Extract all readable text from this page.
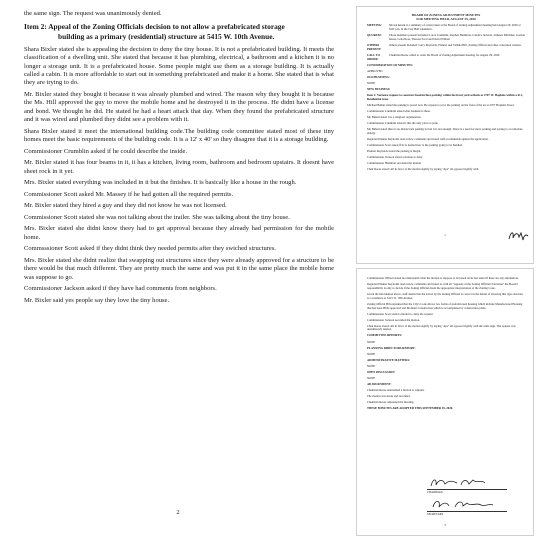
the same sign. The request was unanimously denied.

Item 2: Appeal of the Zoning Officials decision to not allow a prefabricated storage
building as a primary (residential) structure at 5415 W. 10th Avenue.

Shara Bixler stated she is appealing the decision to deny the tiny house. It is not a prefabricated building. It meets the classification of a dwelling unit. She stated that because it has plumbing, electrical, a bathroom and a kitchen it is no longer a storage unit. It is a prefabricated house. Some people might use them as a storage building. It is actually called a cabin. It is more affordable to start out in something prefabricated and make it a home. She stated that is what they are trying to do.

Mr. Bixler stated they bought it because it was already plumbed and wired. The reason why they bought it is because the Ms. Hill approved the guy to move the mobile home and he destroyed it in the process. He didnt have a license and bond. We thought he did. He stated he had a heart attack that day. When they found the prefabricated structure and it was wired and plumbed they didnt see a problem with it.

Shara Bixler stated it meet the international building code.The building code committee stated most of these tiny homes meet the basic requirements of the building code. It is a 12' x 40' so they disagree that it is a storage building.

Commissioner Crumblin asked if he could describe the inside.

Mr. Bixler stated it has four beams in it, it has a kitchen, living room, bathroom and bedroom upstairs. It doesnt have sheet rock in it yet.

Mrs. Bixler stated everything was included in it but the finishes. It is basically like a house in the rough.

Commissioner Scott asked Mr. Massey if he had gotten all the required permits.

Mr. Bixler stated they hired a guy and they did not know he was not licensed.

Commissioner Scott stated she was not talking about the trailer. She was talking about the tiny house.

Mrs. Bixler stated she didnt know theey had to get approval because they already had permission for the mobile home.

Commsssioner Scott asked if they didnt think they needed permits after they swiched structures.

Mrs. Bixler stated she didnt realize that swapping out structures since they were already approved for a structure to be there would be that much different. They are pretty much the same and was put it in the same place the mobile home was suppose to go.

Commissioner Jackson asked if they have had comments from neighbors.

Mr. Bixler said yes people say they love the tiny house.

2
BOARD OF ZONING ADJUSTMENT MINUTES
FOR MEETING HELD, AUGUST 29, 2020

MEETING:	Shown herein is a summary of action taken at the Board of Zoning Adjustment meeting held August 29, 2020 at 6:00 p.m. in the City Hall Chambers.

QUORUM:	Those members present included: Loree Crumblin, Stephen Hamilton, Candice Jackson, Jameses Mitchner, Gordon Reese, Lotta Ross, Theresa Scott and David Wilbert

OTHERS PRESENT:
Others present included: Larry Reynolds, Planner and Valisha Hill, Zoning Official and other concerned citizens

CALL TO ORDER:
Chairman Reese called to order the Board of Zoning Adjustment meeting for August 29, 2020

CONSIDERATION OF MINUTES:

APPROVED

OLD BUSINESS:

NONE

NEW BUSINESS:

Item 1: Variance request to construct head-in/face parking within the front yard setback at 2707 W. Hopkins within a R-1, Residential zone.

Michael Bahati stated the parking is paved now. He request to pave the parking on the front of the lot at 2707 Hopkins Street.

Commissioner Crumblin asked what business is there.

Mr. Bahati stated it is a religious organization.

Commissioner Crumblin asked is this the only place to park.

Mr. Bahati stated there is no inside back parking lot but it is not enough. There is a need for more parking and paving to accomodate elderly.

Regional Planner Reynolds read review comments and stated staff recommends against the application.

Commissioner Scott asked if he is denied how is the parking going to be handled.

Planner Reynolds stated the parking is illegal.

Commissioner Jackson stated a motion to deny.

Commissioner Hamilton seconded the motion.

Chair Reese stated: All in favor of the motion signify by saying "Aye" all opposed signify with

1

Commissioner Wilbert stated he understands what the motion is suppose to be based on he has asked if there are any alternatives.

Regional Planner Reynolds read review comments and stated as with all "Appeals of the Zoning Official's Decision" the Board's responsibility is only to decide if the Zoning Official made the appropriate interpretation of the Zoning Code.

Given the information above, staff deems that the action by the Zoning Official is correct in the denial of allowing this type structure as a residence at 5415 W. 10th Avenue.

Zoning Official Hill explained that the City's Code allows two forms of prefabricated housing which include Manufactured Housing that has been HUD approved and Modular Construction which is accompanied by construction plans.

Commissioner Scott stated a motion to deny the request.

Commissioner Jackson seconded the motion.

Chair Reese stated: All in favor of the motion signify by saying "Aye" all opposed signify with the same sign. The request was unanimously denied.

COMMITTEE REPORTS:

NONE

PLANNING DIRECTORS REPORT:

NONE

ADMINISTRATIVE MATTERS:

NONE

OPEN DISCUSSION:

NONE

ADJOURNMENT:

Chairman Reese entertained a motion to adjourn.

The motion was made and seconded.

Chairman Reese adjourned the meeting.

THESE MINUTES ARE ADOPTED THIS SEPTEMBER 29, 2020.

CHAIRMAN
SECRETARY
3
